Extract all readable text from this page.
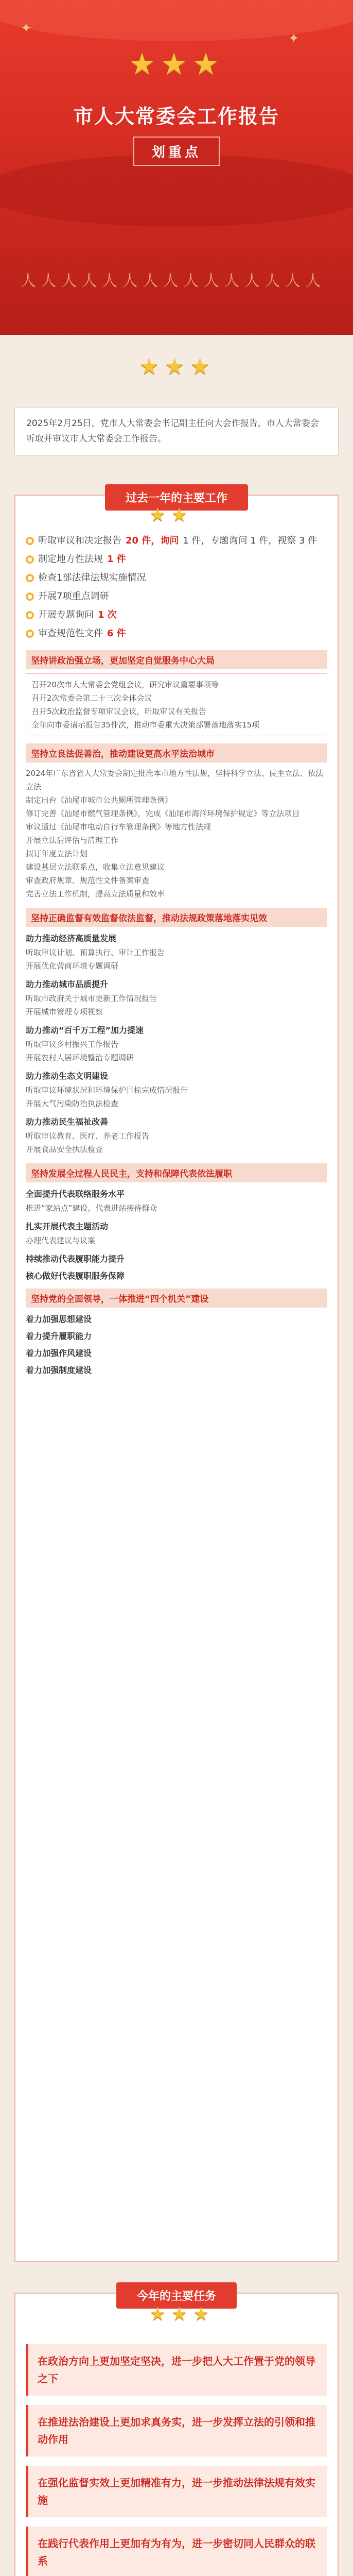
✦
✦
★ ★ ★
市人大常委会工作报告
划重点
人 人 人 人 人 人 人 人 人 人 人 人 人 人 人
★ ★ ★
2025年2月25日，党市人大常委会书记副主任向大会作报告，市人大常委会听取并审议市人大常委会工作报告。
过去一年的主要工作
★ ★
● 听取审议和决定报告 20 件，询问 1 件，专题询问 1 件，视察 3 件
● 制定地方性法规 1 件
● 检查1部法律法规实施情况
● 开展7项重点调研
● 开展专题询问 1 次
● 审查规范性文件 6 件
坚持讲政治强立场，更加坚定自觉服务中心大局
召开20次市人大常委会党组会议，研究审议重要事项等
召开2次常委会第二十三次全体会议
召开5次政治监督专项审议会议，听取审议有关报告
全年向市委请示报告35件次，推动市委重大决策部署落地落实15项
坚持立良法促善治，推动建设更高水平法治城市
2024年广东省省人大常委会制定批准本市地方性法规，坚持科学立法、民主立法、依法立法
制定出台《汕尾市城市公共厕所管理条例》
修订完善《汕尾市燃气管理条例》，完成《汕尾市海洋环境保护规定》等立法项目
审议通过《汕尾市电动自行车管理条例》等地方性法规
开展立法后评估与清理工作
拟订年度立法计划
建设基层立法联系点，收集立法意见建议
审查政府规章、规范性文件备案审查
完善立法工作机制，提高立法质量和效率
坚持正确监督有效监督依法监督，推动法规政策落地落实见效
助力推动经济高质量发展
听取审议计划、预算执行、审计工作报告
开展优化营商环境专题调研
助力推动城市品质提升
听取市政府关于城市更新工作情况报告
开展城市管理专项视察
助力推动“百千万工程”加力提速
听取审议乡村振兴工作报告
开展农村人居环境整治专题调研
助力推动生态文明建设
听取审议环境状况和环境保护目标完成情况报告
开展大气污染防治执法检查
助力推动民生福祉改善
听取审议教育、医疗、养老工作报告
开展食品安全执法检查
坚持发展全过程人民民主，支持和保障代表依法履职
全面提升代表联络服务水平
推进“家站点”建设，代表进站接待群众
扎实开展代表主题活动
办理代表建议与议案
持续推动代表履职能力提升
核心做好代表履职服务保障
坚持党的全面领导，一体推进“四个机关”建设
着力加强思想建设
着力提升履职能力
着力加强作风建设
着力加强制度建设
今年的主要任务
★ ★ ★
在政治方向上更加坚定坚决，进一步把人大工作置于党的领导之下
在推进法治建设上更加求真务实，进一步发挥立法的引领和推动作用
在强化监督实效上更加精准有力，进一步推动法律法规有效实施
在践行代表作用上更加有为有为，进一步密切同人民群众的联系
